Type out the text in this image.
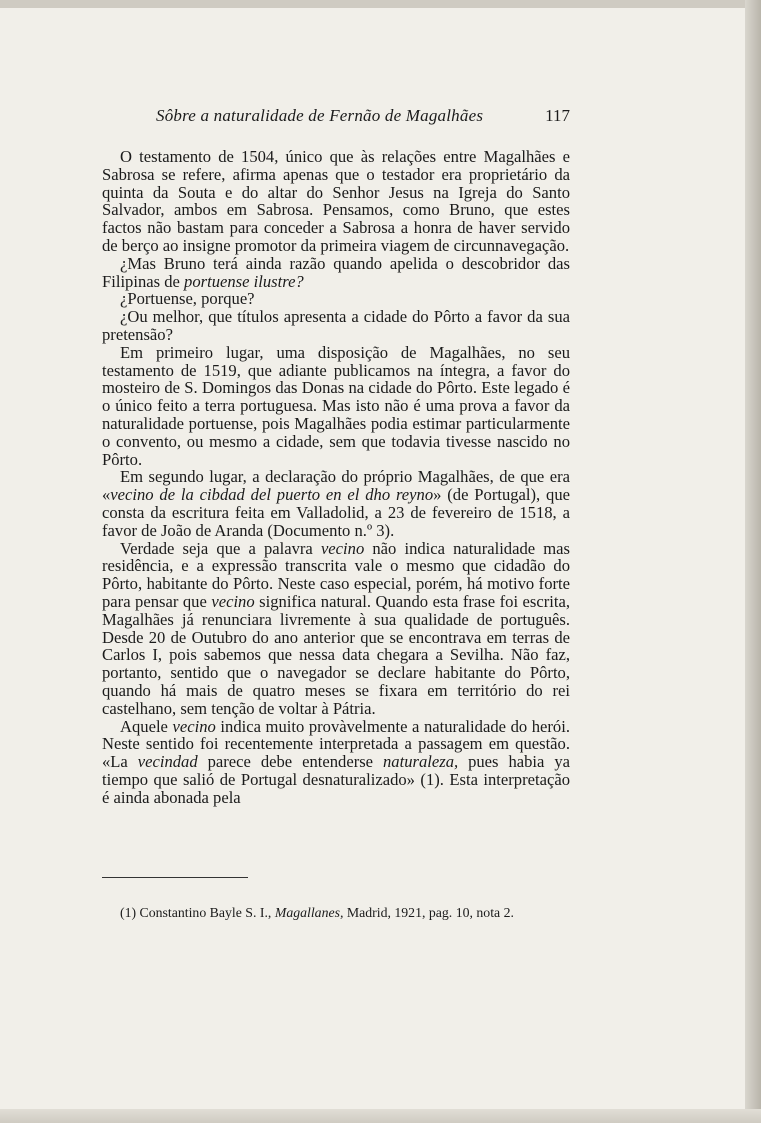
Sôbre a naturalidade de Fernão de Magalhães	117

O testamento de 1504, único que às relações entre Magalhães e Sabrosa se refere, afirma apenas que o testador era proprietário da quinta da Souta e do altar do Senhor Jesus na Igreja do Santo Salvador, ambos em Sabrosa. Pensamos, como Bruno, que estes factos não bastam para conceder a Sabrosa a honra de haver servido de berço ao insigne promotor da primeira viagem de circunnavegação.

¿Mas Bruno terá ainda razão quando apelida o descobridor das Filipinas de portuense ilustre?

¿Portuense, porque?

¿Ou melhor, que títulos apresenta a cidade do Pôrto a favor da sua pretensão?

Em primeiro lugar, uma disposição de Magalhães, no seu testamento de 1519, que adiante publicamos na íntegra, a favor do mosteiro de S. Domingos das Donas na cidade do Pôrto. Este legado é o único feito a terra portuguesa. Mas isto não é uma prova a favor da naturalidade portuense, pois Magalhães podia estimar particularmente o convento, ou mesmo a cidade, sem que todavia tivesse nascido no Pôrto.

Em segundo lugar, a declaração do próprio Magalhães, de que era «vecino de la cibdad del puerto en el dho reyno» (de Portugal), que consta da escritura feita em Valladolid, a 23 de fevereiro de 1518, a favor de João de Aranda (Documento n.º 3).

Verdade seja que a palavra vecino não indica naturalidade mas residência, e a expressão transcrita vale o mesmo que cidadão do Pôrto, habitante do Pôrto. Neste caso especial, porém, há motivo forte para pensar que vecino significa natural. Quando esta frase foi escrita, Magalhães já renunciara livremente à sua qualidade de português. Desde 20 de Outubro do ano anterior que se encontrava em terras de Carlos I, pois sabemos que nessa data chegara a Sevilha. Não faz, portanto, sentido que o navegador se declare habitante do Pôrto, quando há mais de quatro meses se fixara em território do rei castelhano, sem tenção de voltar à Pátria.

Aquele vecino indica muito provàvelmente a naturalidade do herói. Neste sentido foi recentemente interpretada a passagem em questão. «La vecindad parece debe entenderse naturaleza, pues habia ya tiempo que salió de Portugal desnaturalizado» (1). Esta interpretação é ainda abonada pela

(1) Constantino Bayle S. I., Magallanes, Madrid, 1921, pag. 10, nota 2.
